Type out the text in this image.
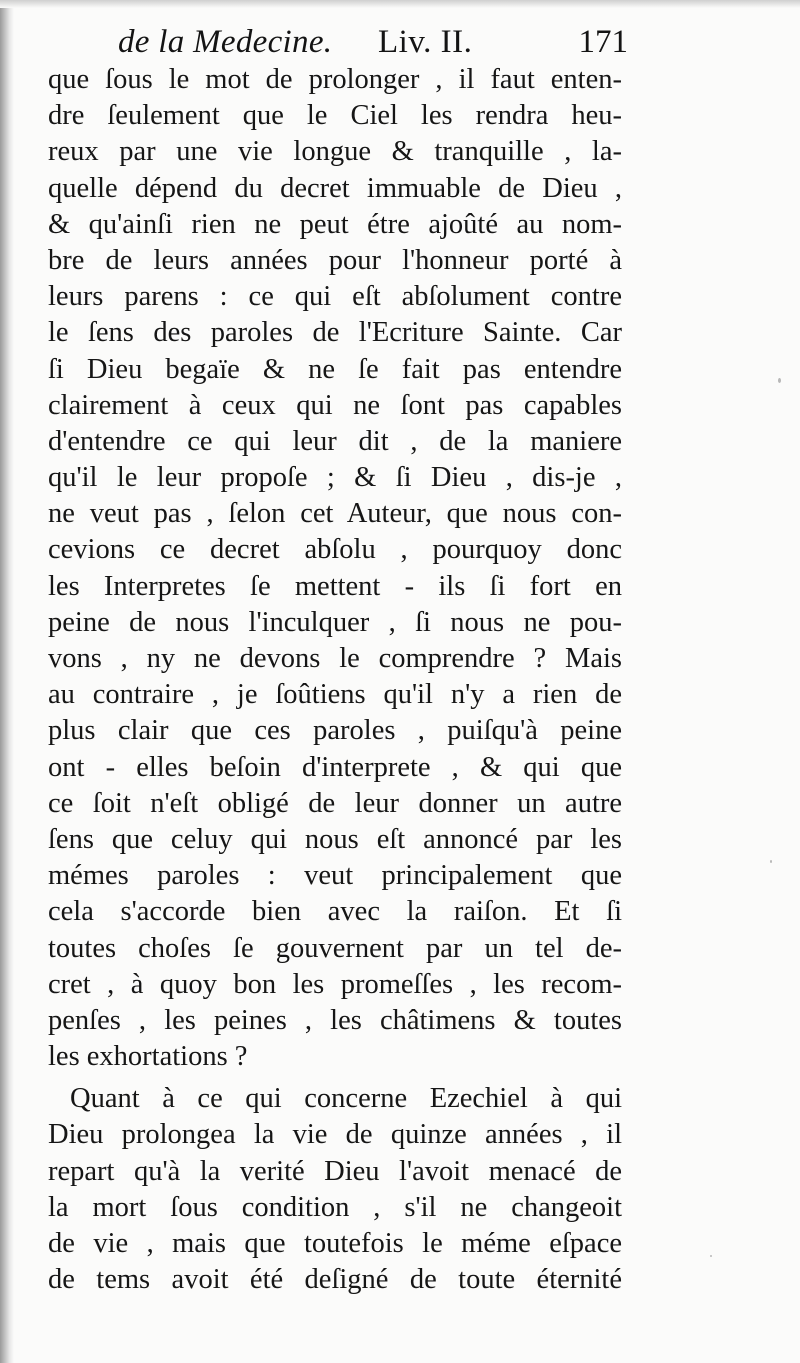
de la Medecine. Liv. II.	171
que ſous le mot de prolonger , il faut enten-
dre ſeulement que le Ciel les rendra heu-
reux par une vie longue & tranquille , la-
quelle dépend du decret immuable de Dieu ,
& qu'ainſi rien ne peut étre ajoûté au nom-
bre de leurs années pour l'honneur porté à
leurs parens : ce qui eſt abſolument contre
le ſens des paroles de l'Ecriture Sainte. Car
ſi Dieu begaïe & ne ſe fait pas entendre
clairement à ceux qui ne ſont pas capables
d'entendre ce qui leur dit , de la maniere
qu'il le leur propoſe ; & ſi Dieu , dis-je ,
ne veut pas , ſelon cet Auteur, que nous con-
cevions ce decret abſolu , pourquoy donc
les Interpretes ſe mettent - ils ſi fort en
peine de nous l'inculquer , ſi nous ne pou-
vons , ny ne devons le comprendre ? Mais
au contraire , je ſoûtiens qu'il n'y a rien de
plus clair que ces paroles , puiſqu'à peine
ont - elles beſoin d'interprete , & qui que
ce ſoit n'eſt obligé de leur donner un autre
ſens que celuy qui nous eſt annoncé par les
mémes paroles : veut principalement que
cela s'accorde bien avec la raiſon. Et ſi
toutes choſes ſe gouvernent par un tel de-
cret , à quoy bon les promeſſes , les recom-
penſes , les peines , les châtimens & toutes
les exhortations ?
Quant à ce qui concerne Ezechiel à qui
Dieu prolongea la vie de quinze années , il
repart qu'à la verité Dieu l'avoit menacé de
la mort ſous condition , s'il ne changeoit
de vie , mais que toutefois le méme eſpace
de tems avoit été deſigné de toute éternité
